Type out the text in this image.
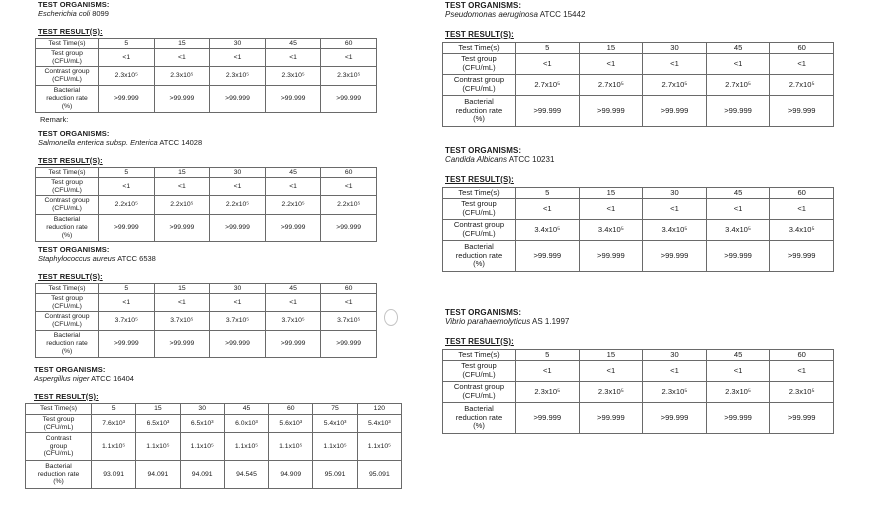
TEST ORGANISMS:
Escherichia coli 8099
TEST RESULT(S):
Test Time(s)	5	15	30	45	60
Test group
(CFU/mL)	<1	<1	<1	<1	<1
Contrast group
(CFU/mL)	2.3x10⁵	2.3x10⁵	2.3x10⁵	2.3x10⁵	2.3x10⁵
Bacterial
reduction rate
(%)	>99.999	>99.999	>99.999	>99.999	>99.999
Remark:
TEST ORGANISMS:
Salmonella enterica subsp. Enterica ATCC 14028
TEST RESULT(S):
Test Time(s)	5	15	30	45	60
Test group
(CFU/mL)	<1	<1	<1	<1	<1
Contrast group
(CFU/mL)	2.2x10⁵	2.2x10⁵	2.2x10⁵	2.2x10⁵	2.2x10⁵
Bacterial
reduction rate
(%)	>99.999	>99.999	>99.999	>99.999	>99.999
TEST ORGANISMS:
Staphylococcus aureus ATCC 6538
TEST RESULT(S):
Test Time(s)	5	15	30	45	60
Test group
(CFU/mL)	<1	<1	<1	<1	<1
Contrast group
(CFU/mL)	3.7x10⁵	3.7x10⁵	3.7x10⁵	3.7x10⁵	3.7x10⁵
Bacterial
reduction rate
(%)	>99.999	>99.999	>99.999	>99.999	>99.999
TEST ORGANISMS:
Aspergillus niger ATCC 16404
TEST RESULT(S):
Test Time(s)	5	15	30	45	60	75	120
Test group
(CFU/mL)	7.6x10³	6.5x10³	6.5x10³	6.0x10³	5.6x10³	5.4x10³	5.4x10³
Contrast
group
(CFU/mL)	1.1x10⁵	1.1x10⁵	1.1x10⁵	1.1x10⁵	1.1x10⁵	1.1x10⁵	1.1x10⁵
Bacterial
reduction rate
(%)	93.091	94.091	94.091	94.545	94.909	95.091	95.091
TEST ORGANISMS:
Pseudomonas aeruginosa ATCC 15442
TEST RESULT(S):
Test Time(s)	5	15	30	45	60
Test group
(CFU/mL)	<1	<1	<1	<1	<1
Contrast group
(CFU/mL)	2.7x10⁵	2.7x10⁵	2.7x10⁵	2.7x10⁵	2.7x10⁵
Bacterial
reduction rate
(%)	>99.999	>99.999	>99.999	>99.999	>99.999
TEST ORGANISMS:
Candida Albicans ATCC 10231
TEST RESULT(S):
Test Time(s)	5	15	30	45	60
Test group
(CFU/mL)	<1	<1	<1	<1	<1
Contrast group
(CFU/mL)	3.4x10⁵	3.4x10⁵	3.4x10⁵	3.4x10⁵	3.4x10⁵
Bacterial
reduction rate
(%)	>99.999	>99.999	>99.999	>99.999	>99.999
TEST ORGANISMS:
Vibrio parahaemolyticus AS 1.1997
TEST RESULT(S):
Test Time(s)	5	15	30	45	60
Test group
(CFU/mL)	<1	<1	<1	<1	<1
Contrast group
(CFU/mL)	2.3x10⁵	2.3x10⁵	2.3x10⁵	2.3x10⁵	2.3x10⁵
Bacterial
reduction rate
(%)	>99.999	>99.999	>99.999	>99.999	>99.999
